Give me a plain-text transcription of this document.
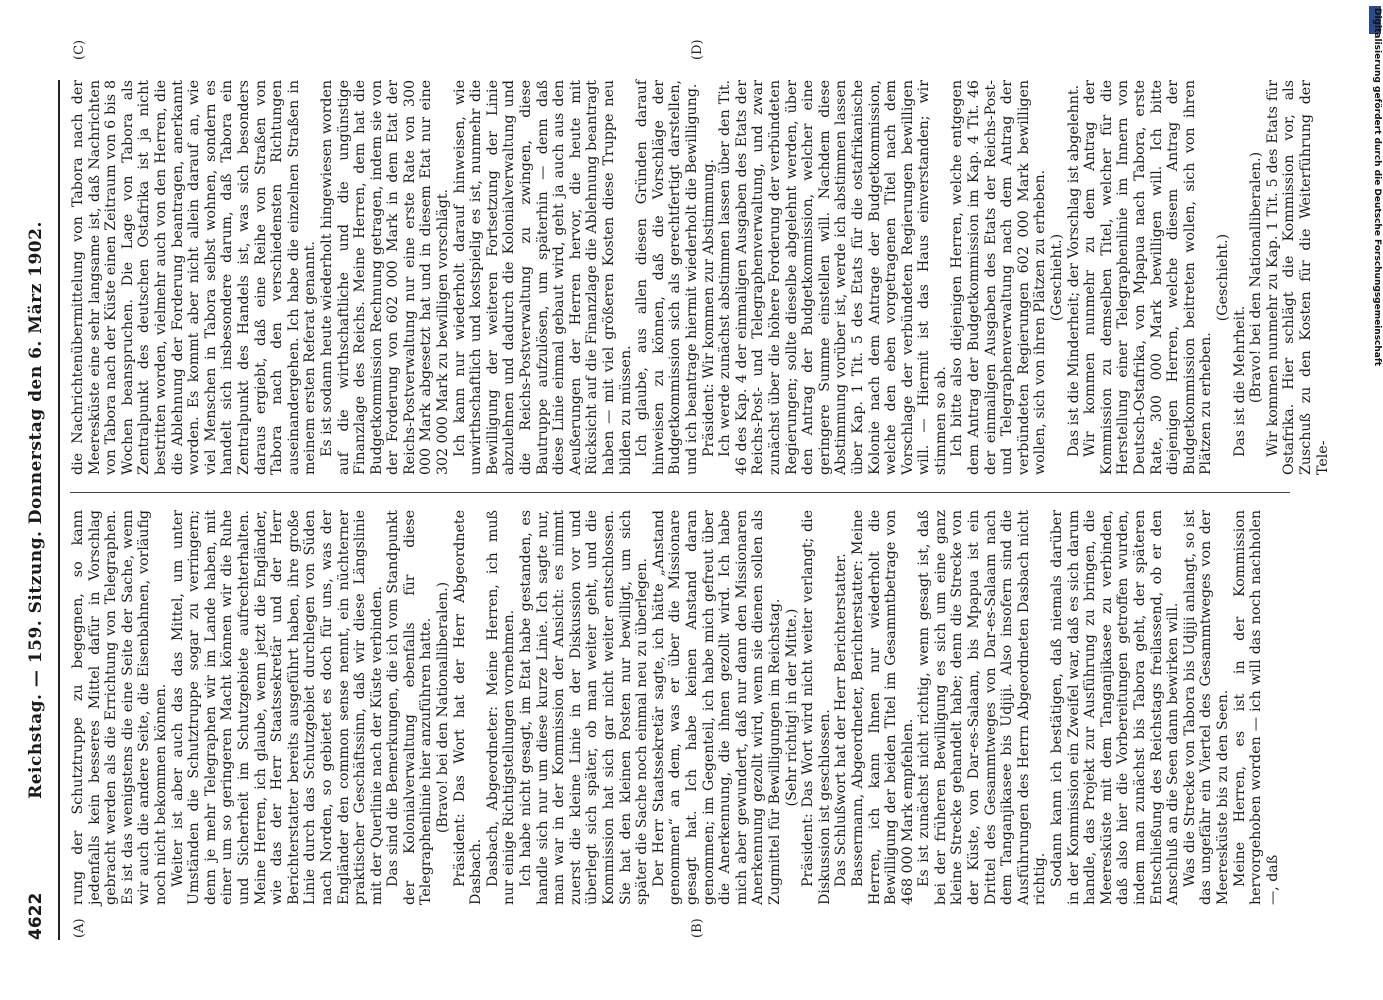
4622
Reichstag. — 159. Sitzung. Donnerstag den 6. März 1902.
(A)	(B)
(C)	(D)

rung der Schutztruppe zu begegnen, so kann jedenfalls kein besseres Mittel dafür in Vorschlag gebracht werden als die Errichtung von Telegraphen. Es ist das wenigstens die eine Seite der Sache, wenn wir auch die andere Seite, die Eisenbahnen, vorläufig noch nicht bekommen können. Weiter ist aber auch das das Mittel, um unter Umständen die Schutztruppe sogar zu verringern; denn je mehr Telegraphen wir im Lande haben, mit einer um so geringeren Macht können wir die Ruhe und Sicherheit im Schutzgebiete aufrechterhalten. Meine Herren, ich glaube, wenn jetzt die Engländer, wie das der Herr Staatssekretär und der Herr Berichterstatter bereits ausgeführt haben, ihre große Linie durch das Schutzgebiet durchlegen von Süden nach Norden, so gebietet es doch für uns, was der Engländer den common sense nennt, ein nüchterner praktischer Geschäftssinn, daß wir diese Längslinie mit der Querlinie nach der Küste verbinden. Das sind die Bemerkungen, die ich vom Standpunkt der Kolonialverwaltung ebenfalls für diese Telegraphenlinie hier anzuführen hatte. (Bravo! bei den Nationalliberalen.) Präsident: Das Wort hat der Herr Abgeordnete Dasbach. Dasbach, Abgeordneter: Meine Herren, ich muß nur einige Richtigstellungen vornehmen. Ich habe nicht gesagt, im Etat habe gestanden, es handle sich nur um diese kurze Linie. Ich sagte nur, man war in der Kommission der Ansicht: es nimmt zuerst die kleine Linie in der Diskussion vor und überlegt sich später, ob man weiter geht, und die Kommission hat sich gar nicht weiter entschlossen. Sie hat den kleinen Posten nur bewilligt, um sich später die Sache noch einmal neu zu überlegen. Der Herr Staatssekretär sagte, ich hätte „Anstand genommen“ an dem, was er über die Missionare gesagt hat. Ich habe keinen Anstand daran genommen; im Gegenteil, ich habe mich gefreut über die Anerkennung, die ihnen gezollt wird. Ich habe mich aber gewundert, daß nur dann den Missionaren Anerkennung gezollt wird, wenn sie dienen sollen als Zugmittel für Bewilligungen im Reichstag. (Sehr richtig! in der Mitte.) Präsident: Das Wort wird nicht weiter verlangt; die Diskussion ist geschlossen. Das Schlußwort hat der Herr Berichterstatter. Bassermann, Abgeordneter, Berichterstatter: Meine Herren, ich kann Ihnen nur wiederholt die Bewilligung der beiden Titel im Gesammtbetrage von 468 000 Mark empfehlen. Es ist zunächst nicht richtig, wenn gesagt ist, daß bei der früheren Bewilligung es sich um eine ganz kleine Strecke gehandelt habe; denn die Strecke von der Küste, von Dar-es-Salaam, bis Mpapua ist ein Drittel des Gesammtweges von Dar-es-Salaam nach dem Tanganjikasee bis Udjiji. Also insofern sind die Ausführungen des Herrn Abgeordneten Dasbach nicht richtig. Sodann kann ich bestätigen, daß niemals darüber in der Kommission ein Zweifel war, daß es sich darum handle, das Projekt zur Ausführung zu bringen, die Meeresküste mit dem Tanganjikasee zu verbinden, daß also hier die Vorbereitungen getroffen wurden, indem man zunächst bis Tabora geht, der späteren Entschließung des Reichstags freilassend, ob er den Anschluß an die Seen dann bewirken will. Was die Strecke von Tabora bis Udjiji anlangt, so ist das ungefähr ein Viertel des Gesammtweges von der Meeresküste bis zu den Seen. Meine Herren, es ist in der Kommission hervorgehoben worden — ich will das noch nachholen —, daß

die Nachrichtenübermittelung von Tabora nach der Meeresküste eine sehr langsame ist, daß Nachrichten von Tabora nach der Küste einen Zeitraum von 6 bis 8 Wochen beanspruchen. Die Lage von Tabora als Zentralpunkt des deutschen Ostafrika ist ja nicht bestritten worden, vielmehr auch von den Herren, die die Ablehnung der Forderung beantragen, anerkannt worden. Es kommt aber nicht allein darauf an, wie viel Menschen in Tabora selbst wohnen, sondern es handelt sich insbesondere darum, daß Tabora ein Zentralpunkt des Handels ist, was sich besonders daraus ergiebt, daß eine Reihe von Straßen von Tabora nach den verschiedensten Richtungen auseinandergehen. Ich habe die einzelnen Straßen in meinem ersten Referat genannt. Es ist sodann heute wiederholt hingewiesen worden auf die wirthschaftliche und die ungünstige Finanzlage des Reichs. Meine Herren, dem hat die Budgetkommission Rechnung getragen, indem sie von der Forderung von 602 000 Mark in dem Etat der Reichs-Postverwaltung nur eine erste Rate von 300 000 Mark abgesetzt hat und in diesem Etat nur eine 302 000 Mark zu bewilligen vorschlägt. Ich kann nur wiederholt darauf hinweisen, wie unwirthschaftlich und kostspielig es ist, nunmehr die Bewilligung der weiteren Fortsetzung der Linie abzulehnen und dadurch die Kolonialverwaltung und die Reichs-Postverwaltung zu zwingen, diese Bautruppe aufzulösen, um späterhin — denn daß diese Linie einmal gebaut wird, geht ja auch aus den Aeußerungen der Herren hervor, die heute mit Rücksicht auf die Finanzlage die Ablehnung beantragt haben — mit viel größeren Kosten diese Truppe neu bilden zu müssen. Ich glaube, aus allen diesen Gründen darauf hinweisen zu können, daß die Vorschläge der Budgetkommission sich als gerechtfertigt darstellen, und ich beantrage hiermit wiederholt die Bewilligung. Präsident: Wir kommen zur Abstimmung. Ich werde zunächst abstimmen lassen über den Tit. 46 des Kap. 4 der einmaligen Ausgaben des Etats der Reichs-Post- und Telegraphenverwaltung, und zwar zunächst über die höhere Forderung der verbündeten Regierungen; sollte dieselbe abgelehnt werden, über den Antrag der Budgetkommission, welcher eine geringere Summe einstellen will. Nachdem diese Abstimmung vorüber ist, werde ich abstimmen lassen über Kap. 1 Tit. 5 des Etats für die ostafrikanische Kolonie nach dem Antrage der Budgetkommission, welche den eben vorgetragenen Titel nach dem Vorschlage der verbündeten Regierungen bewilligen will. — Hiermit ist das Haus einverstanden; wir stimmen so ab. Ich bitte also diejenigen Herren, welche entgegen dem Antrag der Budgetkommission im Kap. 4 Tit. 46 der einmaligen Ausgaben des Etats der Reichs-Post- und Telegraphenverwaltung nach dem Antrag der verbündeten Regierungen 602 000 Mark bewilligen wollen, sich von ihren Plätzen zu erheben. (Geschieht.) Das ist die Minderheit; der Vorschlag ist abgelehnt. Wir kommen nunmehr zu dem Antrag der Kommission zu demselben Titel, welcher für die Herstellung einer Telegraphenlinie im Innern von Deutsch-Ostafrika, von Mpapua nach Tabora, erste Rate, 300 000 Mark bewilligen will. Ich bitte diejenigen Herren, welche diesem Antrag der Budgetkommission beitreten wollen, sich von ihren Plätzen zu erheben.

(Geschieht.)

Das ist die Mehrheit. (Bravo! bei den Nationalliberalen.) Wir kommen nunmehr zu Kap. 1 Tit. 5 des Etats für Ostafrika. Hier schlägt die Kommission vor, als Zuschuß zu den Kosten für die Weiterführung der Tele-

Digitalisierung gefördert durch die Deutsche Forschungsgemeinschaft
